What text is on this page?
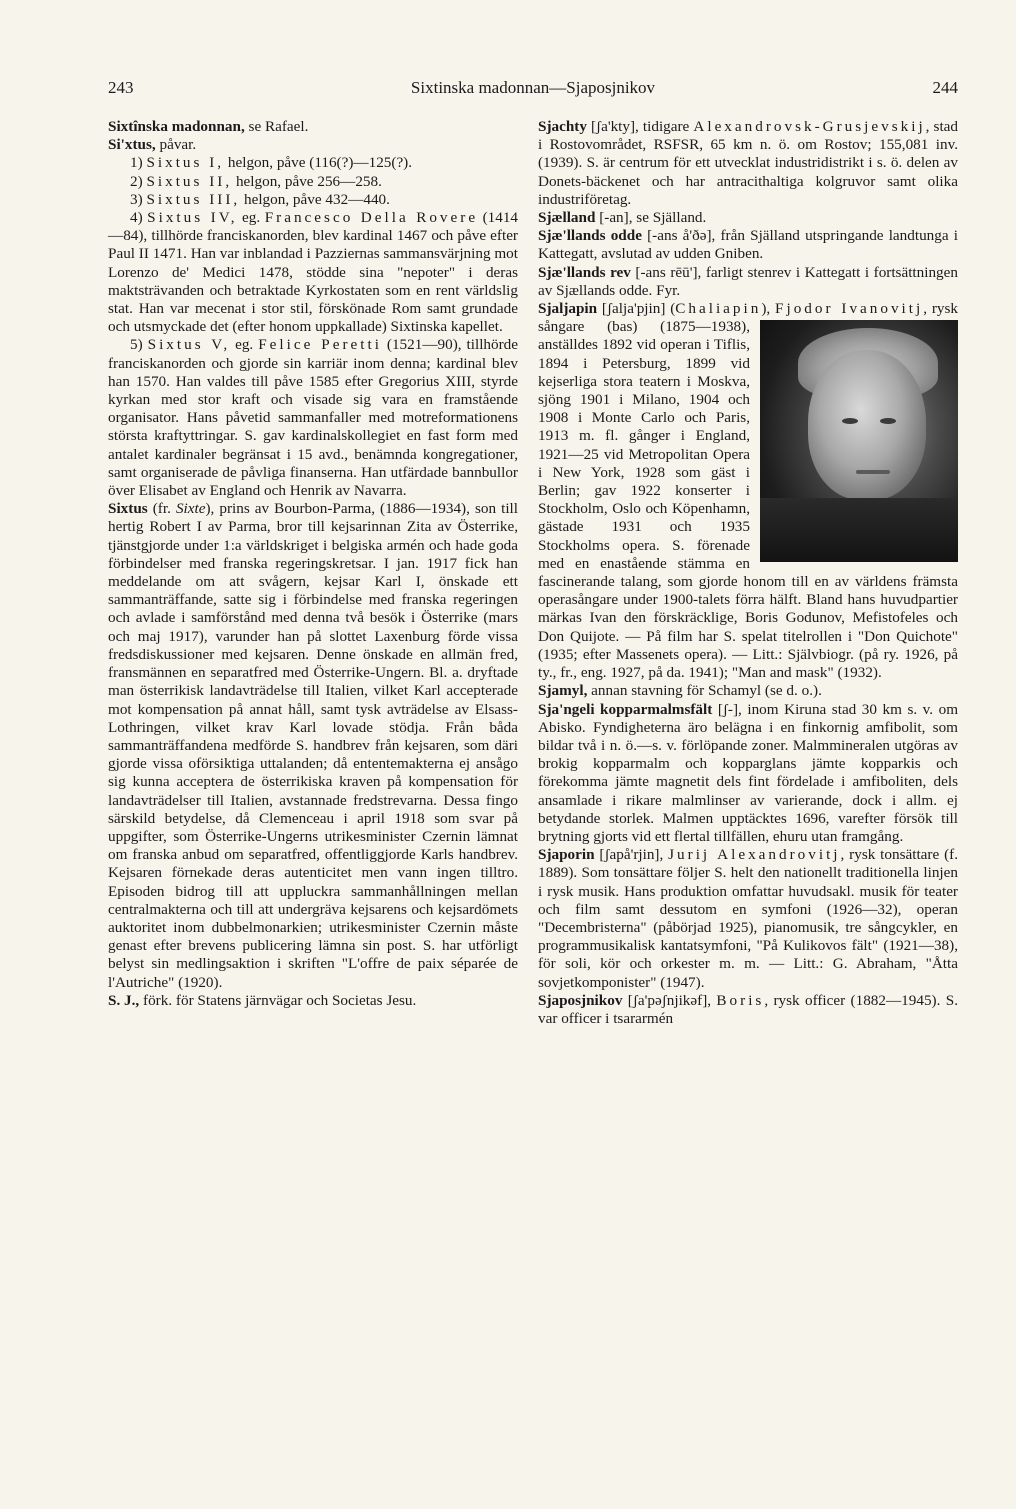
243	Sixtinska madonnan—Sjaposjnikov	244

Sixtînska madonnan, se Rafael.

Si'xtus, påvar.

1) Sixtus I, helgon, påve (116(?)—125(?).

2) Sixtus II, helgon, påve 256—258.

3) Sixtus III, helgon, påve 432—440.

4) Sixtus IV, eg. Francesco Della Rovere (1414—84), tillhörde franciskanorden, blev kardinal 1467 och påve efter Paul II 1471. Han var inblandad i Pazziernas sammansvärjning mot Lorenzo de' Medici 1478, stödde sina "nepoter" i deras maktsträvanden och betraktade Kyrkostaten som en rent världslig stat. Han var mecenat i stor stil, förskönade Rom samt grundade och utsmyckade det (efter honom uppkallade) Sixtinska kapellet.

5) Sixtus V, eg. Felice Peretti (1521—90), tillhörde franciskanorden och gjorde sin karriär inom denna; kardinal blev han 1570. Han valdes till påve 1585 efter Gregorius XIII, styrde kyrkan med stor kraft och visade sig vara en framstående organisator. Hans påvetid sammanfaller med motreformationens största kraftyttringar. S. gav kardinalskollegiet en fast form med antalet kardinaler begränsat i 15 avd., benämnda kongregationer, samt organiserade de påvliga finanserna. Han utfärdade bannbullor över Elisabet av England och Henrik av Navarra.

Sixtus (fr. Sixte), prins av Bourbon-Parma, (1886—1934), son till hertig Robert I av Parma, bror till kejsarinnan Zita av Österrike, tjänstgjorde under 1:a världskriget i belgiska armén och hade goda förbindelser med franska regeringskretsar. I jan. 1917 fick han meddelande om att svågern, kejsar Karl I, önskade ett sammanträffande, satte sig i förbindelse med franska regeringen och avlade i samförstånd med denna två besök i Österrike (mars och maj 1917), varunder han på slottet Laxenburg förde vissa fredsdiskussioner med kejsaren. Denne önskade en allmän fred, fransmännen en separatfred med Österrike-Ungern. Bl. a. dryftade man österrikisk landavträdelse till Italien, vilket Karl accepterade mot kompensation på annat håll, samt tysk avträdelse av Elsass-Lothringen, vilket krav Karl lovade stödja. Från båda sammanträffandena medförde S. handbrev från kejsaren, som däri gjorde vissa oförsiktiga uttalanden; då ententemakterna ej ansågo sig kunna acceptera de österrikiska kraven på kompensation för landavträdelser till Italien, avstannade fredstrevarna. Dessa fingo särskild betydelse, då Clemenceau i april 1918 som svar på uppgifter, som Österrike-Ungerns utrikesminister Czernin lämnat om franska anbud om separatfred, offentliggjorde Karls handbrev. Kejsaren förnekade deras autenticitet men vann ingen tilltro. Episoden bidrog till att uppluckra sammanhållningen mellan centralmakterna och till att undergräva kejsarens och kejsardömets auktoritet inom dubbelmonarkien; utrikesminister Czernin måste genast efter brevens publicering lämna sin post. S. har utförligt belyst sin medlingsaktion i skriften "L'offre de paix séparée de l'Autriche" (1920).

S. J., förk. för Statens järnvägar och Societas Jesu.

Sjachty [ʃa'kty], tidigare Alexandrovsk-Grusjevskij, stad i Rostovområdet, RSFSR, 65 km n. ö. om Rostov; 155,081 inv. (1939). S. är centrum för ett utvecklat industridistrikt i s. ö. delen av Donets-bäckenet och har antracithaltiga kolgruvor samt olika industriföretag.

Sjælland [-an], se Själland.

Sjæ'llands odde [-ans å'ðə], från Själland utspringande landtunga i Kattegatt, avslutad av udden Gniben.

Sjæ'llands rev [-ans rēū'], farligt stenrev i Kattegatt i fortsättningen av Sjællands odde. Fyr.

Sjaljapin [ʃalja'pjin] (Chaliapin), Fjodor Ivanovitj
, rysk sångare (bas) (1875—1938), anställdes 1892 vid operan i Tiflis, 1894 i Petersburg, 1899 vid kejserliga stora teatern i Moskva, sjöng 1901 i Milano, 1904 och 1908 i Monte Carlo och Paris, 1913 m. fl. gånger i England, 1921—25 vid Metropolitan Opera i New York, 1928 som gäst i Berlin; gav 1922 konserter i Stockholm, Oslo och Köpenhamn, gästade 1931 och 1935 Stockholms opera. S. förenade med en enastående stämma en fascinerande talang, som gjorde honom till en av världens främsta operasångare under 1900-talets förra hälft. Bland hans huvudpartier märkas Ivan den förskräcklige, Boris Godunov, Mefistofeles och Don Quijote. — På film har S. spelat titelrollen i "Don Quichote" (1935; efter Massenets opera). — Litt.: Självbiogr. (på ry. 1926, på ty., fr., eng. 1927, på da. 1941); "Man and mask" (1932).

Sjamyl, annan stavning för Schamyl (se d. o.).

Sja'ngeli kopparmalmsfält [ʃ-], inom Kiruna stad 30 km s. v. om Abisko. Fyndigheterna äro belägna i en finkornig amfibolit, som bildar två i n. ö.—s. v. förlöpande zoner. Malmmineralen utgöras av brokig kopparmalm och kopparglans jämte kopparkis och förekomma jämte magnetit dels fint fördelade i amfiboliten, dels ansamlade i rikare malmlinser av varierande, dock i allm. ej betydande storlek. Malmen upptäcktes 1696, varefter försök till brytning gjorts vid ett flertal tillfällen, ehuru utan framgång.

Sjaporin [ʃapå'rjin], Jurij Alexandrovitj, rysk tonsättare (f. 1889). Som tonsättare följer S. helt den nationellt traditionella linjen i rysk musik. Hans produktion omfattar huvudsakl. musik för teater och film samt dessutom en symfoni (1926—32), operan "Decembristerna" (påbörjad 1925), pianomusik, tre sångcykler, en programmusikalisk kantatsymfoni, "På Kulikovos fält" (1921—38), för soli, kör och orkester m. m. — Litt.: G. Abraham, "Åtta sovjetkomponister" (1947).

Sjaposjnikov [ʃa'pəʃnjikəf], Boris, rysk officer (1882—1945). S. var officer i tsararmén
